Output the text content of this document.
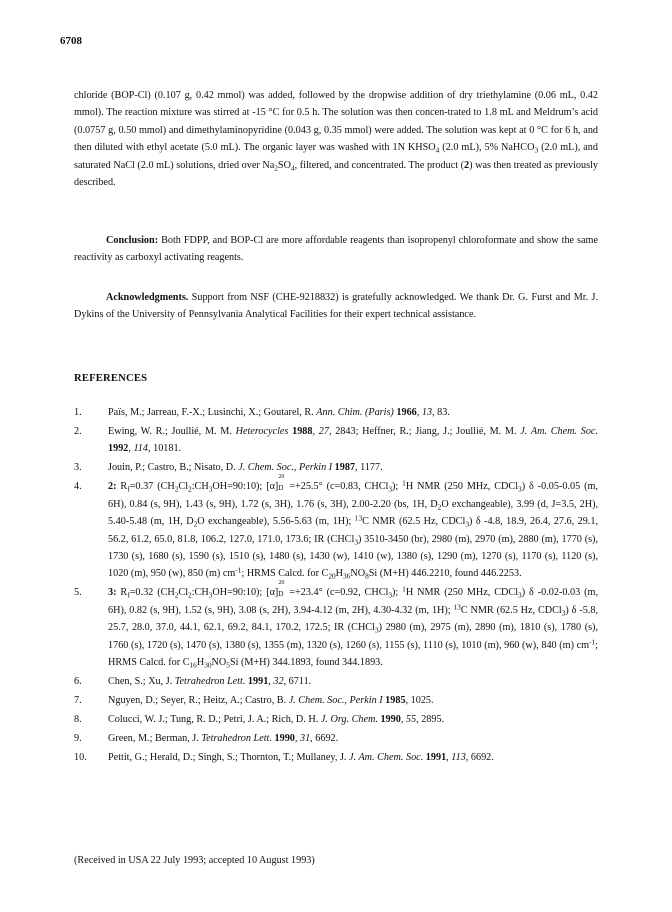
6708

chloride (BOP-Cl) (0.107 g, 0.42 mmol) was added, followed by the dropwise addition of dry triethylamine (0.06 mL, 0.42 mmol). The reaction mixture was stirred at -15 °C for 0.5 h. The solution was then concen-trated to 1.8 mL and Meldrum’s acid (0.0757 g, 0.50 mmol) and dimethylaminopyridine (0.043 g, 0.35 mmol) were added. The solution was kept at 0 °C for 6 h, and then diluted with ethyl acetate (5.0 mL). The organic layer was washed with 1N $KHSO_4$ (2.0 mL), 5% NaHCO$_3$ (2.0 mL), and saturated NaCl (2.0 mL) solutions, dried over $Na_2SO_4$, filtered, and concentrated. The product (2) was then treated as previously described.

Conclusion: Both FDPP, and BOP-Cl are more affordable reagents than isopropenyl chloroformate and show the same reactivity as carboxyl activating reagents.

Acknowledgments. Support from NSF (CHE-9218832) is gratefully acknowledged. We thank Dr. G. Furst and Mr. J. Dykins of the University of Pennsylvania Analytical Facilities for their expert technical assistance.

REFERENCES
1.	Païs, M.; Jarreau, F.-X.; Lusinchi, X.; Goutarel, R. Ann. Chim. (Paris) 1966, 13, 83.
2.	Ewing, W. R.; Joullié, M. M. Heterocycles 1988, 27, 2843; Heffner, R.; Jiang, J.; Joullié, M. M. J. Am. Chem. Soc. 1992, 114, 10181.
3.	Jouin, P.; Castro, B.; Nisato, D. J. Chem. Soc., Perkin I 1987, 1177.
4.	2: $R_f=0.37$ $(CH_2Cl_2:CH_3OH=90:10)$; [α]
20
D =+25.5° (c=0.83, CHCl$_3$); $^1$H NMR (250 MHz, CDCl$_3$) δ -0.05-0.05 (m, 6H), 0.84 (s, 9H), 1.43 (s, 9H), 1.72 (s, 3H), 1.76 (s, 3H), 2.00-2.20 (bs, 1H, $D_2O$ exchangeable), 3.99 (d, J=3.5, 2H), 5.40-5.48 (m, 1H, $D_2O$ exchangeable), 5.56-5.63 (m, 1H); $^{13}$C NMR (62.5 Hz, CDCl$_3$) δ -4.8, 18.9, 26.4, 27.6, 29.1, 56.2, 61.2, 65.0, 81.8, 106.2, 127.0, 171.0, 173.6; IR (CHCl$_3$) 3510-3450 (br), 2980 (m), 2970 (m), 2880 (m), 1770 (s), 1730 (s), 1680 (s), 1590 (s), 1510 (s), 1480 (s), 1430 (w), 1410 (w), 1380 (s), 1290 (m), 1270 (s), 1170 (s), 1120 (s), 1020 (m), 950 (w), 850 (m) $cm^{-1}$; HRMS Calcd. for $C_{20}H_{36}NO_8Si$ (M+H) 446.2210, found 446.2253.
5.	3: $R_f=0.32$ $(CH_2Cl_2:CH_3OH=90:10)$; [α]
20
D =+23.4° (c=0.92, CHCl$_3$); $^1$H NMR (250 MHz, CDCl$_3$) δ -0.02-0.03 (m, 6H), 0.82 (s, 9H), 1.52 (s, 9H), 3.08 (s, 2H), 3.94-4.12 (m, 2H), 4.30-4.32 (m, 1H); $^{13}$C NMR (62.5 Hz, CDCl$_3$) δ -5.8, 25.7, 28.0, 37.0, 44.1, 62.1, 69.2, 84.1, 170.2, 172.5; IR (CHCl$_3$) 2980 (m), 2975 (m), 2890 (m), 1810 (s), 1780 (s), 1760 (s), 1720 (s), 1470 (s), 1380 (s), 1355 (m), 1320 (s), 1260 (s), 1155 (s), 1110 (s), 1010 (m), 960 (w), 840 (m) $cm^{-1}$; HRMS Calcd. for $C_{16}H_{30}NO_5Si$ (M+H) 344.1893, found 344.1893.
6.	Chen, S.; Xu, J. Tetrahedron Lett. 1991, 32, 6711.
7.	Nguyen, D.; Seyer, R.; Heitz, A.; Castro, B. J. Chem. Soc., Perkin I 1985, 1025.
8.	Colucci, W. J.; Tung, R. D.; Petri, J. A.; Rich, D. H. J. Org. Chem. 1990, 55, 2895.
9.	Green, M.; Berman, J. Tetrahedron Lett. 1990, 31, 6692.
10. Pettit, G.; Herald, D.; Singh, S.; Thornton, T.; Mullaney, J. J. Am. Chem. Soc. 1991, 113, 6692.

(Received in USA 22 July 1993; accepted 10 August 1993)
